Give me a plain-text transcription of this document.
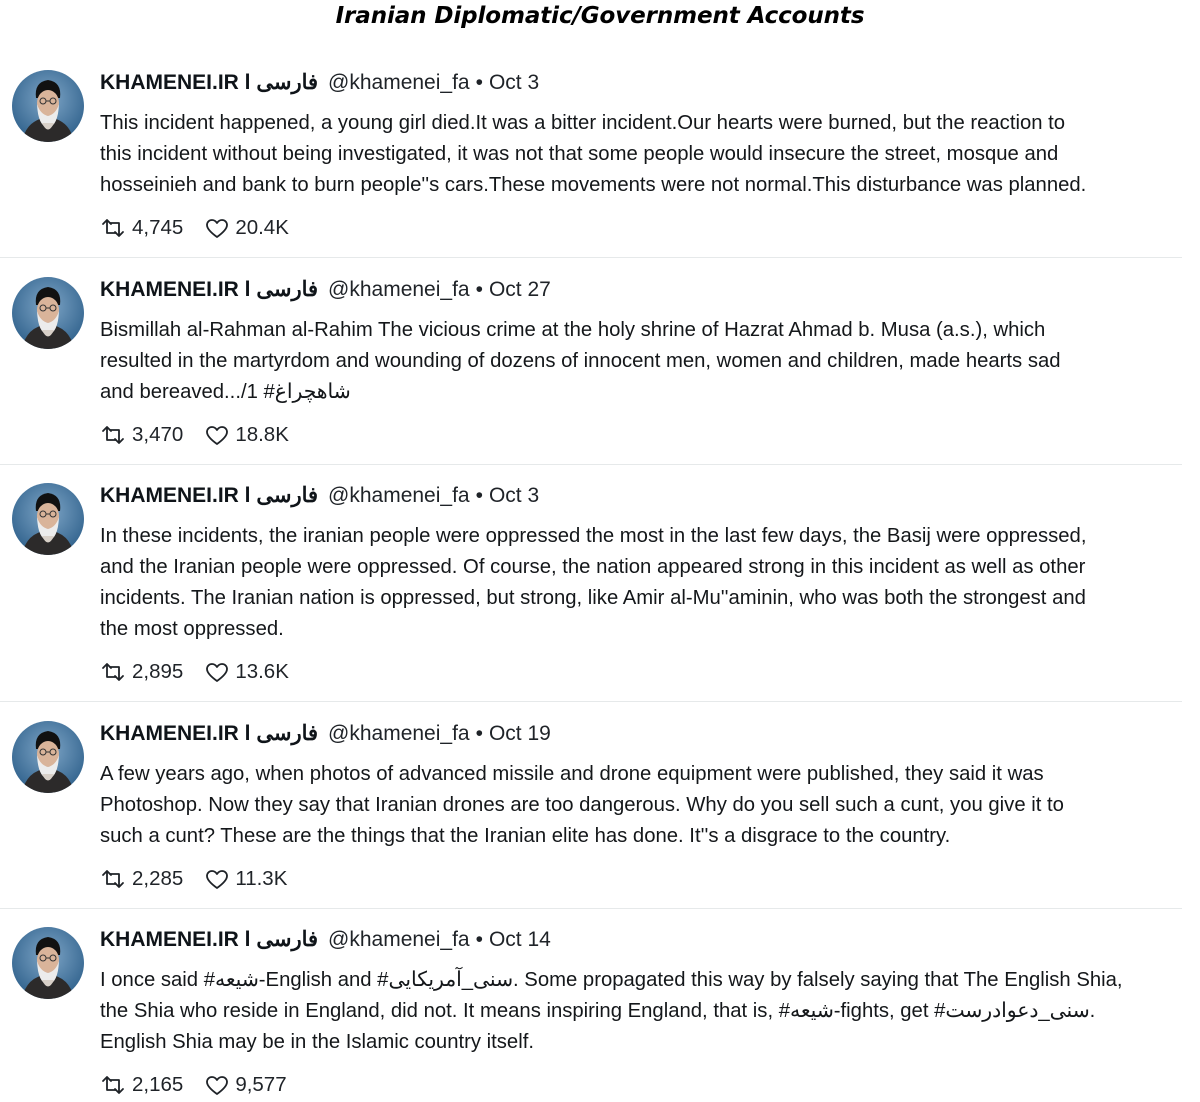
Iranian Diplomatic/Government Accounts
KHAMENEI.IR l فارسی @khamenei_fa • Oct 3
This incident happened, a young girl died.It was a bitter incident.Our hearts were burned, but the reaction to
this incident without being investigated, it was not that some people would insecure the street, mosque and
hosseinieh and bank to burn people''s cars.These movements were not normal.This disturbance was planned.
4,745	20.4K
KHAMENEI.IR l فارسی @khamenei_fa • Oct 27
Bismillah al-Rahman al-Rahim The vicious crime at the holy shrine of Hazrat Ahmad b. Musa (a.s.), which
resulted in the martyrdom and wounding of dozens of innocent men, women and children, made hearts sad
and bereaved.../1 #شاهچراغ
3,470	18.8K
KHAMENEI.IR l فارسی @khamenei_fa • Oct 3
In these incidents, the iranian people were oppressed the most in the last few days, the Basij were oppressed,
and the Iranian people were oppressed. Of course, the nation appeared strong in this incident as well as other
incidents. The Iranian nation is oppressed, but strong, like Amir al-Mu''aminin, who was both the strongest and
the most oppressed.
2,895	13.6K
KHAMENEI.IR l فارسی @khamenei_fa • Oct 19
A few years ago, when photos of advanced missile and drone equipment were published, they said it was
Photoshop. Now they say that Iranian drones are too dangerous. Why do you sell such a cunt, you give it to
such a cunt? These are the things that the Iranian elite has done. It''s a disgrace to the country.
2,285	11.3K
KHAMENEI.IR l فارسی @khamenei_fa • Oct 14
I once said #شیعه-English and #سنی_آمریکایی. Some propagated this way by falsely saying that The English Shia,
the Shia who reside in England, did not. It means inspiring England, that is, #شیعه-fights, get #سنی_دعوادرست.
English Shia may be in the Islamic country itself.
2,165	9,577
